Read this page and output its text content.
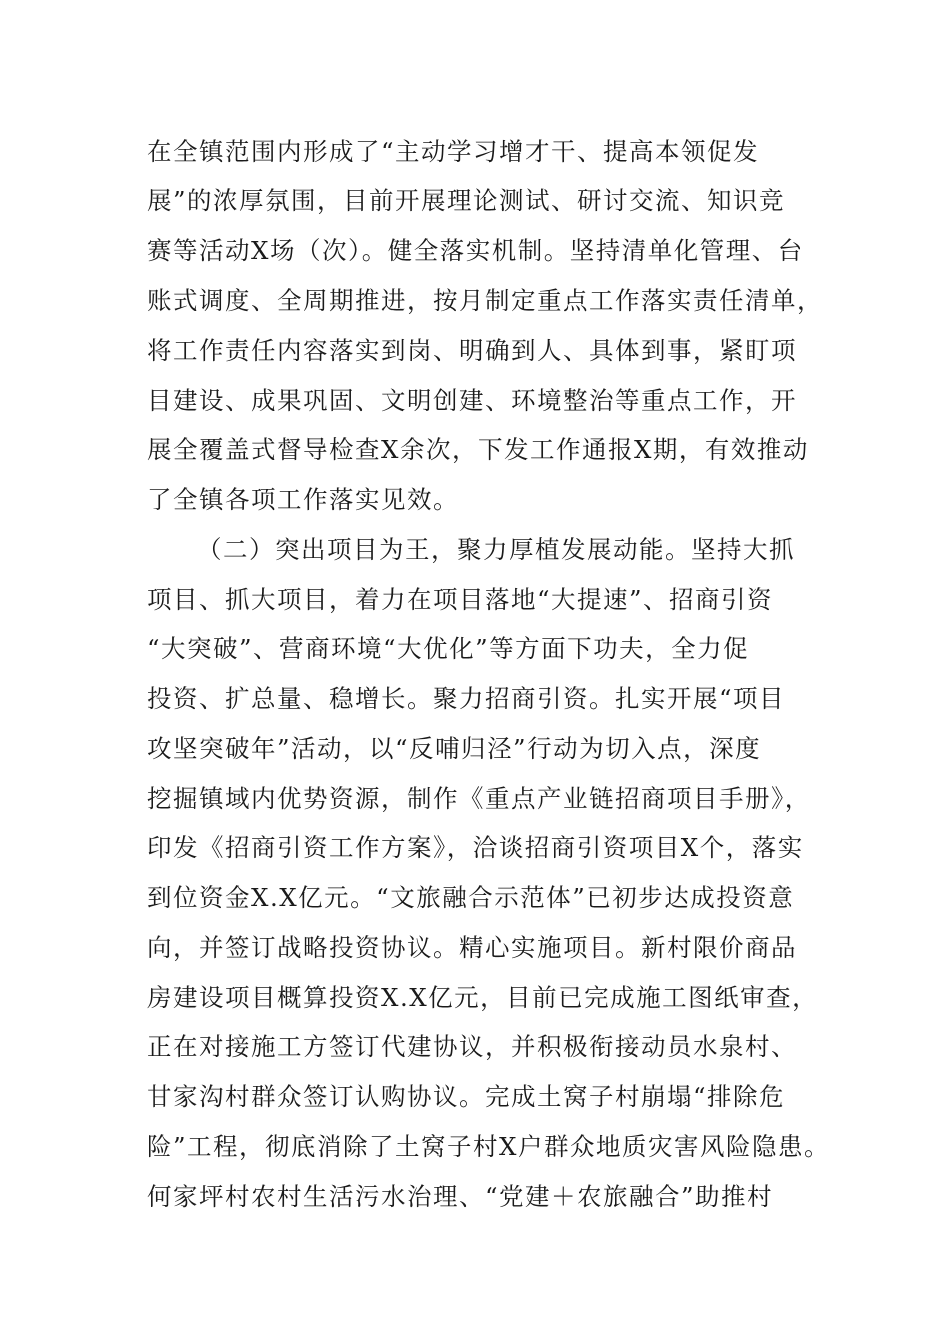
在全镇范围内形成了“主动学习增才干、提高本领促发
展”的浓厚氛围，目前开展理论测试、研讨交流、知识竞
赛等活动X场（次）。健全落实机制。坚持清单化管理、台
账式调度、全周期推进，按月制定重点工作落实责任清单，
将工作责任内容落实到岗、明确到人、具体到事，紧盯项
目建设、成果巩固、文明创建、环境整治等重点工作，开
展全覆盖式督导检查X余次，下发工作通报X期，有效推动
了全镇各项工作落实见效。
（二）突出项目为王，聚力厚植发展动能。坚持大抓
项目、抓大项目，着力在项目落地“大提速”、招商引资
“大突破”、营商环境“大优化”等方面下功夫，全力促
投资、扩总量、稳增长。聚力招商引资。扎实开展“项目
攻坚突破年”活动，以“反哺归泾”行动为切入点，深度
挖掘镇域内优势资源，制作《重点产业链招商项目手册》，
印发《招商引资工作方案》，洽谈招商引资项目X个，落实
到位资金X.X亿元。“文旅融合示范体”已初步达成投资意
向，并签订战略投资协议。精心实施项目。新村限价商品
房建设项目概算投资X.X亿元，目前已完成施工图纸审查，
正在对接施工方签订代建协议，并积极衔接动员水泉村、
甘家沟村群众签订认购协议。完成土窝子村崩塌“排除危
险”工程，彻底消除了土窝子村X户群众地质灾害风险隐患。
何家坪村农村生活污水治理、“党建＋农旅融合”助推村
